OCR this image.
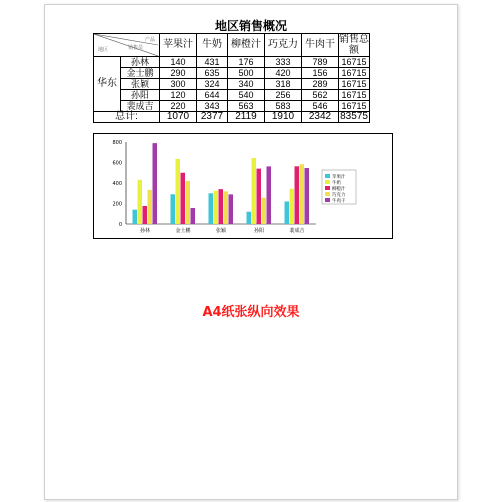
地区销售概况
产品
销售员
地区		苹果汁	牛奶	柳橙汁	巧克力	牛肉干	销售总额
华东	孙林	140	431	176	333	789	16715
	金士鹏	290	635	500	420	156	16715
	张颖	300	324	340	318	289	16715
	孙阳	120	644	540	256	562	16715
	裴成吉	220	343	563	583	546	16715
总计:		1070	2377	2119	1910	2342	83575
0
200
400
600
800
孙林	金士鹏	张颖	孙阳	裴成吉
苹果汁
牛奶
柳橙汁
巧克力
牛肉干
A4纸张纵向效果
